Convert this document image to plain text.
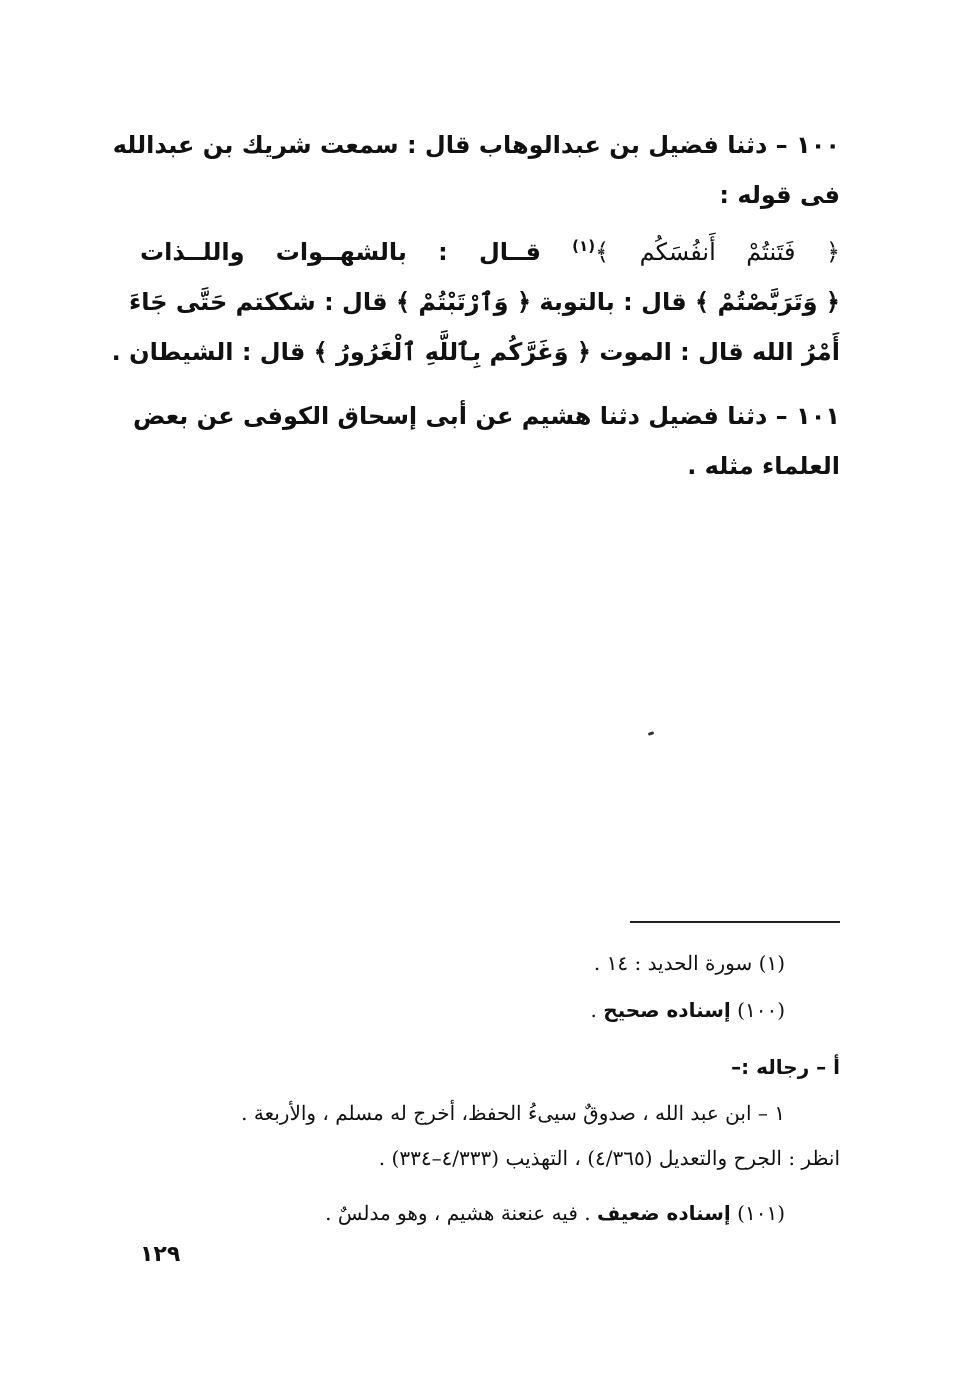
١٠٠ – دثنا فضيل بن عبدالوهاب قال : سمعت شريك بن عبدالله
فى قوله :
﴿ فَتَنتُمْ أَنفُسَكُم ﴾$^{(١)}$ قــال : بالشهــوات واللــذات
﴿ وَتَرَبَّصْتُمْ ﴾ قال : بالتوبة ﴿ وَٱرْتَبْتُمْ ﴾ قال : شككتم حَتَّى جَاءَ
أَمْرُ الله قال : الموت ﴿ وَغَرَّكُم بِٱللَّهِ ٱلْغَرُورُ ﴾ قال : الشيطان .
١٠١ – دثنا فضيل دثنا هشيم عن أبى إسحاق الكوفى عن بعض
العلماء مثله .
(١) سورة الحديد : ١٤ .
(١٠٠) إسناده صحيح .
أ – رجاله :–
١ – ابن عبد الله ، صدوقٌ سيىءُ الحفظ، أخرج له مسلم ، والأربعة .
انظر : الجرح والتعديل (٤/٣٦٥) ، التهذيب (٤/٣٣٣–٣٣٤) .
(١٠١) إسناده ضعيف . فيه عنعنة هشيم ، وهو مدلسٌ .
١٢٩
